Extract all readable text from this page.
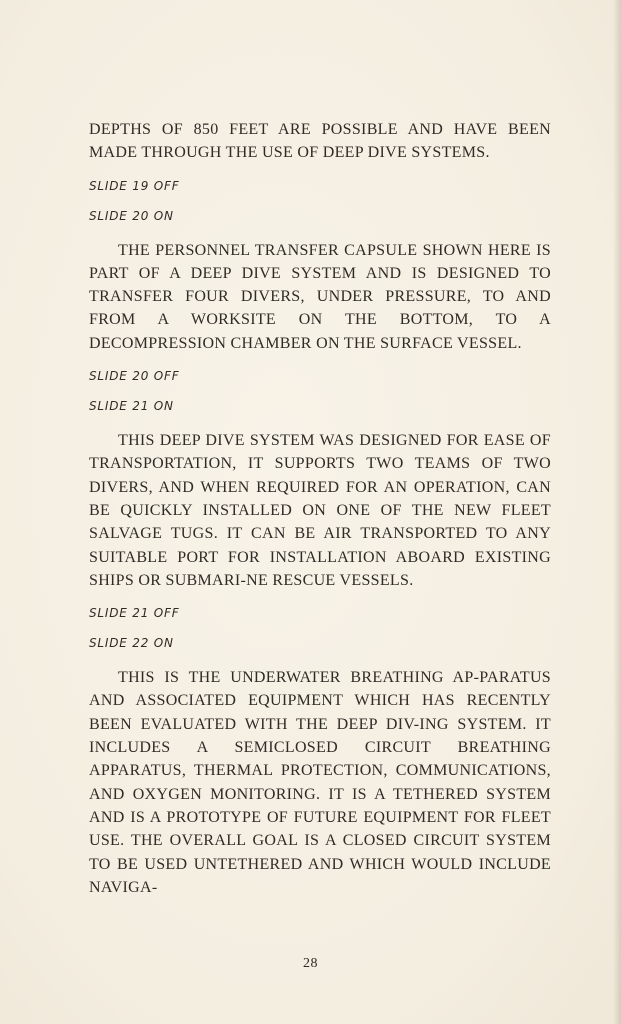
DEPTHS OF 850 FEET ARE POSSIBLE AND HAVE BEEN MADE THROUGH THE USE OF DEEP DIVE SYSTEMS.

SLIDE 19 OFF

SLIDE 20 ON

THE PERSONNEL TRANSFER CAPSULE SHOWN HERE IS PART OF A DEEP DIVE SYSTEM AND IS DESIGNED TO TRANSFER FOUR DIVERS, UNDER PRESSURE, TO AND FROM A WORKSITE ON THE BOTTOM, TO A DECOMPRESSION CHAMBER ON THE SURFACE VESSEL.

SLIDE 20 OFF

SLIDE 21 ON

THIS DEEP DIVE SYSTEM WAS DESIGNED FOR EASE OF TRANSPORTATION, IT SUPPORTS TWO TEAMS OF TWO DIVERS, AND WHEN REQUIRED FOR AN OPERATION, CAN BE QUICKLY INSTALLED ON ONE OF THE NEW FLEET SALVAGE TUGS. IT CAN BE AIR TRANSPORTED TO ANY SUITABLE PORT FOR INSTALLATION ABOARD EXISTING SHIPS OR SUBMARI-NE RESCUE VESSELS.

SLIDE 21 OFF

SLIDE 22 ON

THIS IS THE UNDERWATER BREATHING AP-PARATUS AND ASSOCIATED EQUIPMENT WHICH HAS RECENTLY BEEN EVALUATED WITH THE DEEP DIV-ING SYSTEM. IT INCLUDES A SEMICLOSED CIRCUIT BREATHING APPARATUS, THERMAL PROTECTION, COMMUNICATIONS, AND OXYGEN MONITORING. IT IS A TETHERED SYSTEM AND IS A PROTOTYPE OF FUTURE EQUIPMENT FOR FLEET USE. THE OVERALL GOAL IS A CLOSED CIRCUIT SYSTEM TO BE USED UNTETHERED AND WHICH WOULD INCLUDE NAVIGA-

28
